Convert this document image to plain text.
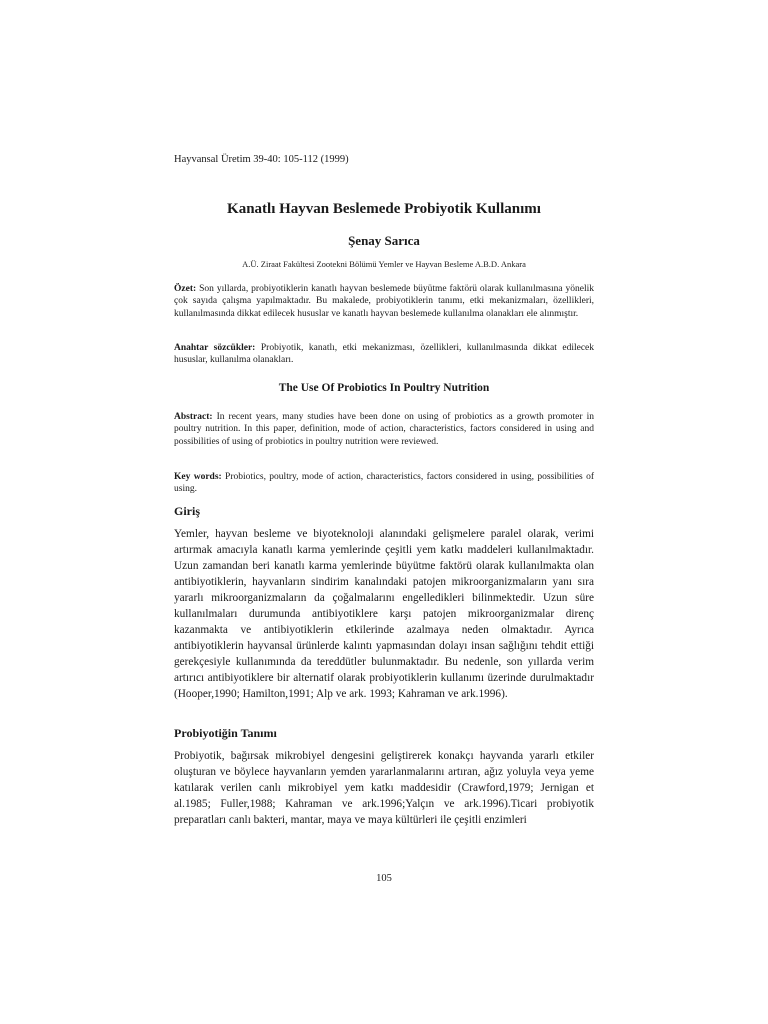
Hayvansal Üretim 39-40: 105-112 (1999)
Kanatlı Hayvan Beslemede Probiyotik Kullanımı
Şenay Sarıca
A.Ü. Ziraat Fakültesi Zootekni Bölümü Yemler ve Hayvan Besleme A.B.D. Ankara
Özet: Son yıllarda, probiyotiklerin kanatlı hayvan beslemede büyütme faktörü olarak kullanılmasına yönelik çok sayıda çalışma yapılmaktadır. Bu makalede, probiyotiklerin tanımı, etki mekanizmaları, özellikleri, kullanılmasında dikkat edilecek hususlar ve kanatlı hayvan beslemede kullanılma olanakları ele alınmıştır.
Anahtar sözcükler: Probiyotik, kanatlı, etki mekanizması, özellikleri, kullanılmasında dikkat edilecek hususlar, kullanılma olanakları.
The Use Of Probiotics In Poultry Nutrition
Abstract: In recent years, many studies have been done on using of probiotics as a growth promoter in poultry nutrition. In this paper, definition, mode of action, characteristics, factors considered in using and possibilities of using of probiotics in poultry nutrition were reviewed.
Key words: Probiotics, poultry, mode of action, characteristics, factors considered in using, possibilities of using.
Giriş
Yemler, hayvan besleme ve biyoteknoloji alanındaki gelişmelere paralel olarak, verimi artırmak amacıyla kanatlı karma yemlerinde çeşitli yem katkı maddeleri kullanılmaktadır. Uzun zamandan beri kanatlı karma yemlerinde büyütme faktörü olarak kullanılmakta olan antibiyotiklerin, hayvanların sindirim kanalındaki patojen mikroorganizmaların yanı sıra yararlı mikroorganizmaların da çoğalmalarını engelledikleri bilinmektedir. Uzun süre kullanılmaları durumunda antibiyotiklere karşı patojen mikroorganizmalar direnç kazanmakta ve antibiyotiklerin etkilerinde azalmaya neden olmaktadır. Ayrıca antibiyotiklerin hayvansal ürünlerde kalıntı yapmasından dolayı insan sağlığını tehdit ettiği gerekçesiyle kullanımında da tereddütler bulunmaktadır. Bu nedenle, son yıllarda verim artırıcı antibiyotiklere bir alternatif olarak probiyotiklerin kullanımı üzerinde durulmaktadır (Hooper,1990; Hamilton,1991; Alp ve ark. 1993; Kahraman ve ark.1996).
Probiyotiğin Tanımı
Probiyotik, bağırsak mikrobiyel dengesini geliştirerek konakçı hayvanda yararlı etkiler oluşturan ve böylece hayvanların yemden yararlanmalarını artıran, ağız yoluyla veya yeme katılarak verilen canlı mikrobiyel yem katkı maddesidir (Crawford,1979; Jernigan et al.1985; Fuller,1988; Kahraman ve ark.1996;Yalçın ve ark.1996).Ticari probiyotik preparatları canlı bakteri, mantar, maya ve maya kültürleri ile çeşitli enzimleri
105
